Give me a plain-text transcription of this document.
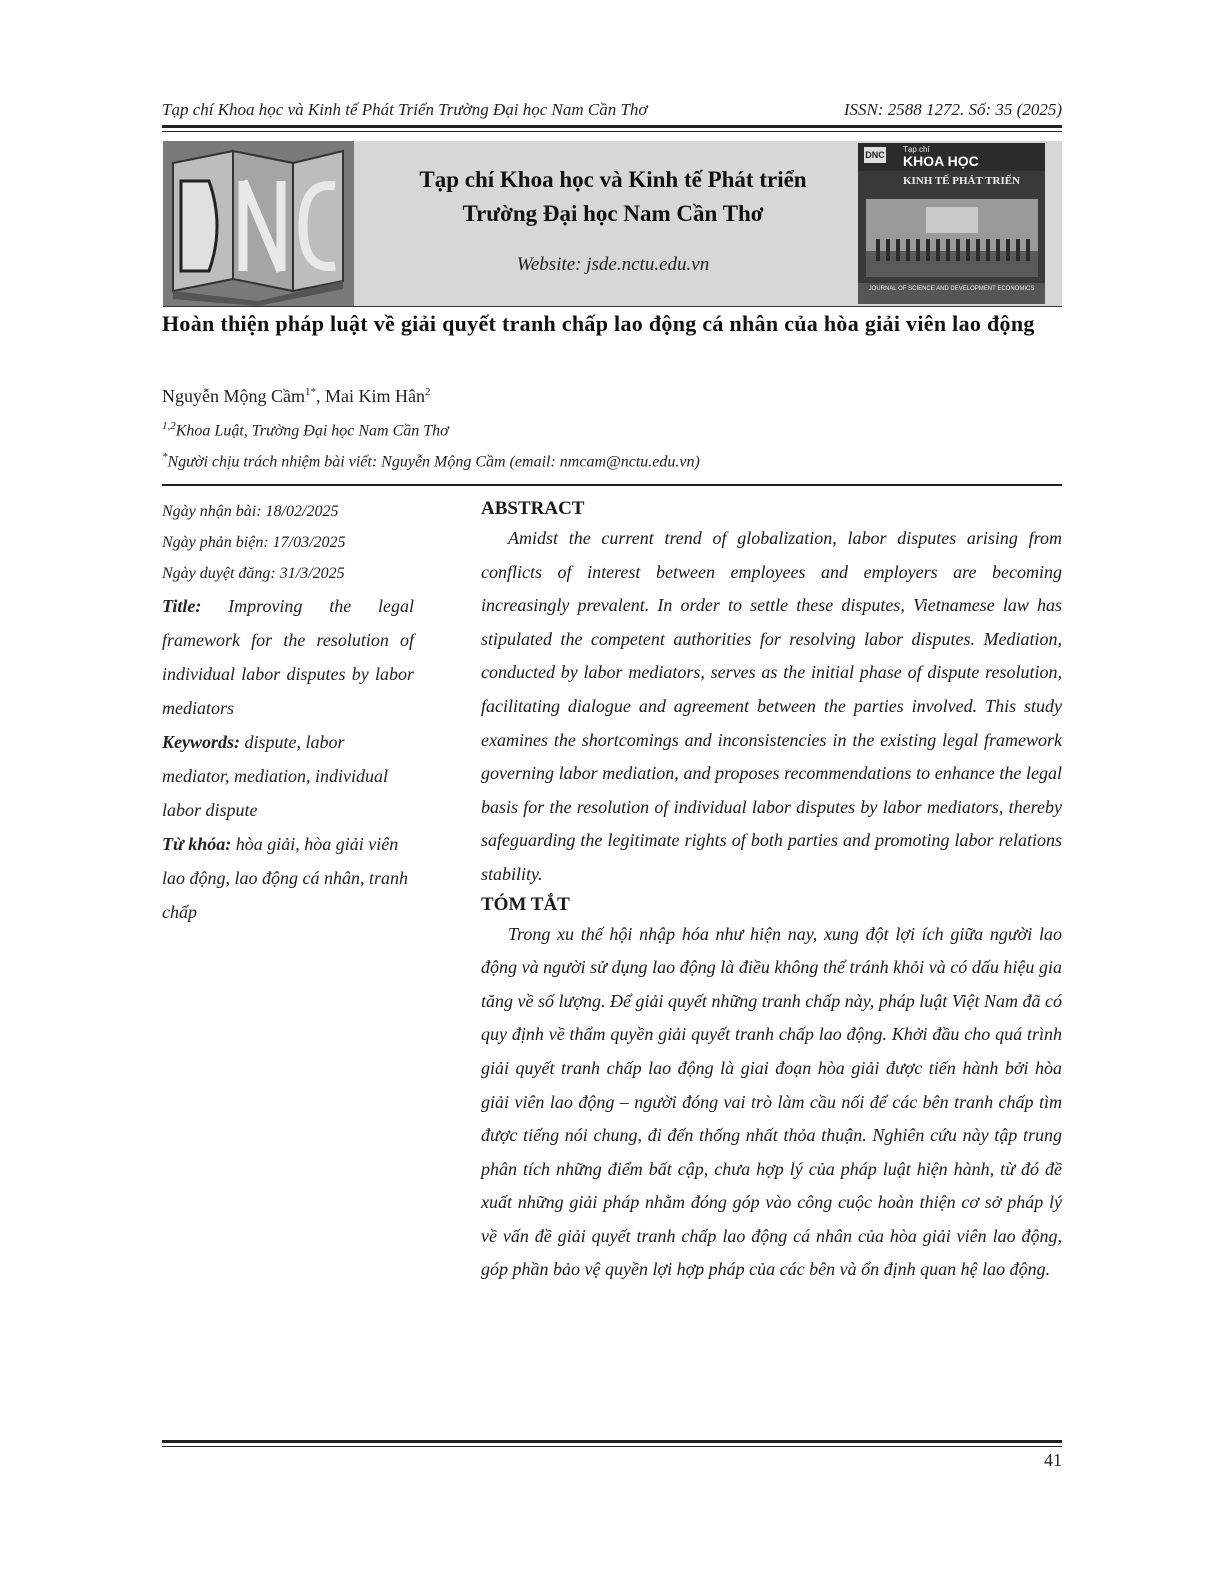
Tạp chí Khoa học và Kinh tế Phát Triển Trường Đại học Nam Cần Thơ	ISSN: 2588 1272. Số: 35 (2025)
Tạp chí Khoa học và Kinh tế Phát triển
Trường Đại học Nam Cần Thơ
Website: jsde.nctu.edu.vn
DNC
Tạp chí
KHOA HỌC
KINH TẾ PHÁT TRIỂN
JOURNAL OF SCIENCE AND DEVELOPMENT ECONOMICS
Hoàn thiện pháp luật về giải quyết tranh chấp lao động cá nhân của hòa giải viên lao động
Nguyễn Mộng Cầm$^{1*}$, Mai Kim Hân$^2$
$^{1,2}$Khoa Luật, Trường Đại học Nam Cần Thơ
*Người chịu trách nhiệm bài viết: Nguyễn Mộng Cầm (email: nmcam@nctu.edu.vn)
Ngày nhận bài: 18/02/2025
Ngày phản biện: 17/03/2025
Ngày duyệt đăng: 31/3/2025
Title: Improving the legal framework for the resolution of individual labor disputes by labor mediators
Keywords: dispute, labor mediator, mediation, individual labor dispute
Từ khóa: hòa giải, hòa giải viên lao động, lao động cá nhân, tranh chấp
ABSTRACT
Amidst the current trend of globalization, labor disputes arising from conflicts of interest between employees and employers are becoming increasingly prevalent. In order to settle these disputes, Vietnamese law has stipulated the competent authorities for resolving labor disputes. Mediation, conducted by labor mediators, serves as the initial phase of dispute resolution, facilitating dialogue and agreement between the parties involved. This study examines the shortcomings and inconsistencies in the existing legal framework governing labor mediation, and proposes recommendations to enhance the legal basis for the resolution of individual labor disputes by labor mediators, thereby safeguarding the legitimate rights of both parties and promoting labor relations stability.
TÓM TẮT
Trong xu thế hội nhập hóa như hiện nay, xung đột lợi ích giữa người lao động và người sử dụng lao động là điều không thể tránh khỏi và có dấu hiệu gia tăng về số lượng. Để giải quyết những tranh chấp này, pháp luật Việt Nam đã có quy định về thẩm quyền giải quyết tranh chấp lao động. Khởi đầu cho quá trình giải quyết tranh chấp lao động là giai đoạn hòa giải được tiến hành bởi hòa giải viên lao động – người đóng vai trò làm cầu nối để các bên tranh chấp tìm được tiếng nói chung, đi đến thống nhất thỏa thuận. Nghiên cứu này tập trung phân tích những điểm bất cập, chưa hợp lý của pháp luật hiện hành, từ đó đề xuất những giải pháp nhằm đóng góp vào công cuộc hoàn thiện cơ sở pháp lý về vấn đề giải quyết tranh chấp lao động cá nhân của hòa giải viên lao động, góp phần bảo vệ quyền lợi hợp pháp của các bên và ổn định quan hệ lao động.
41
